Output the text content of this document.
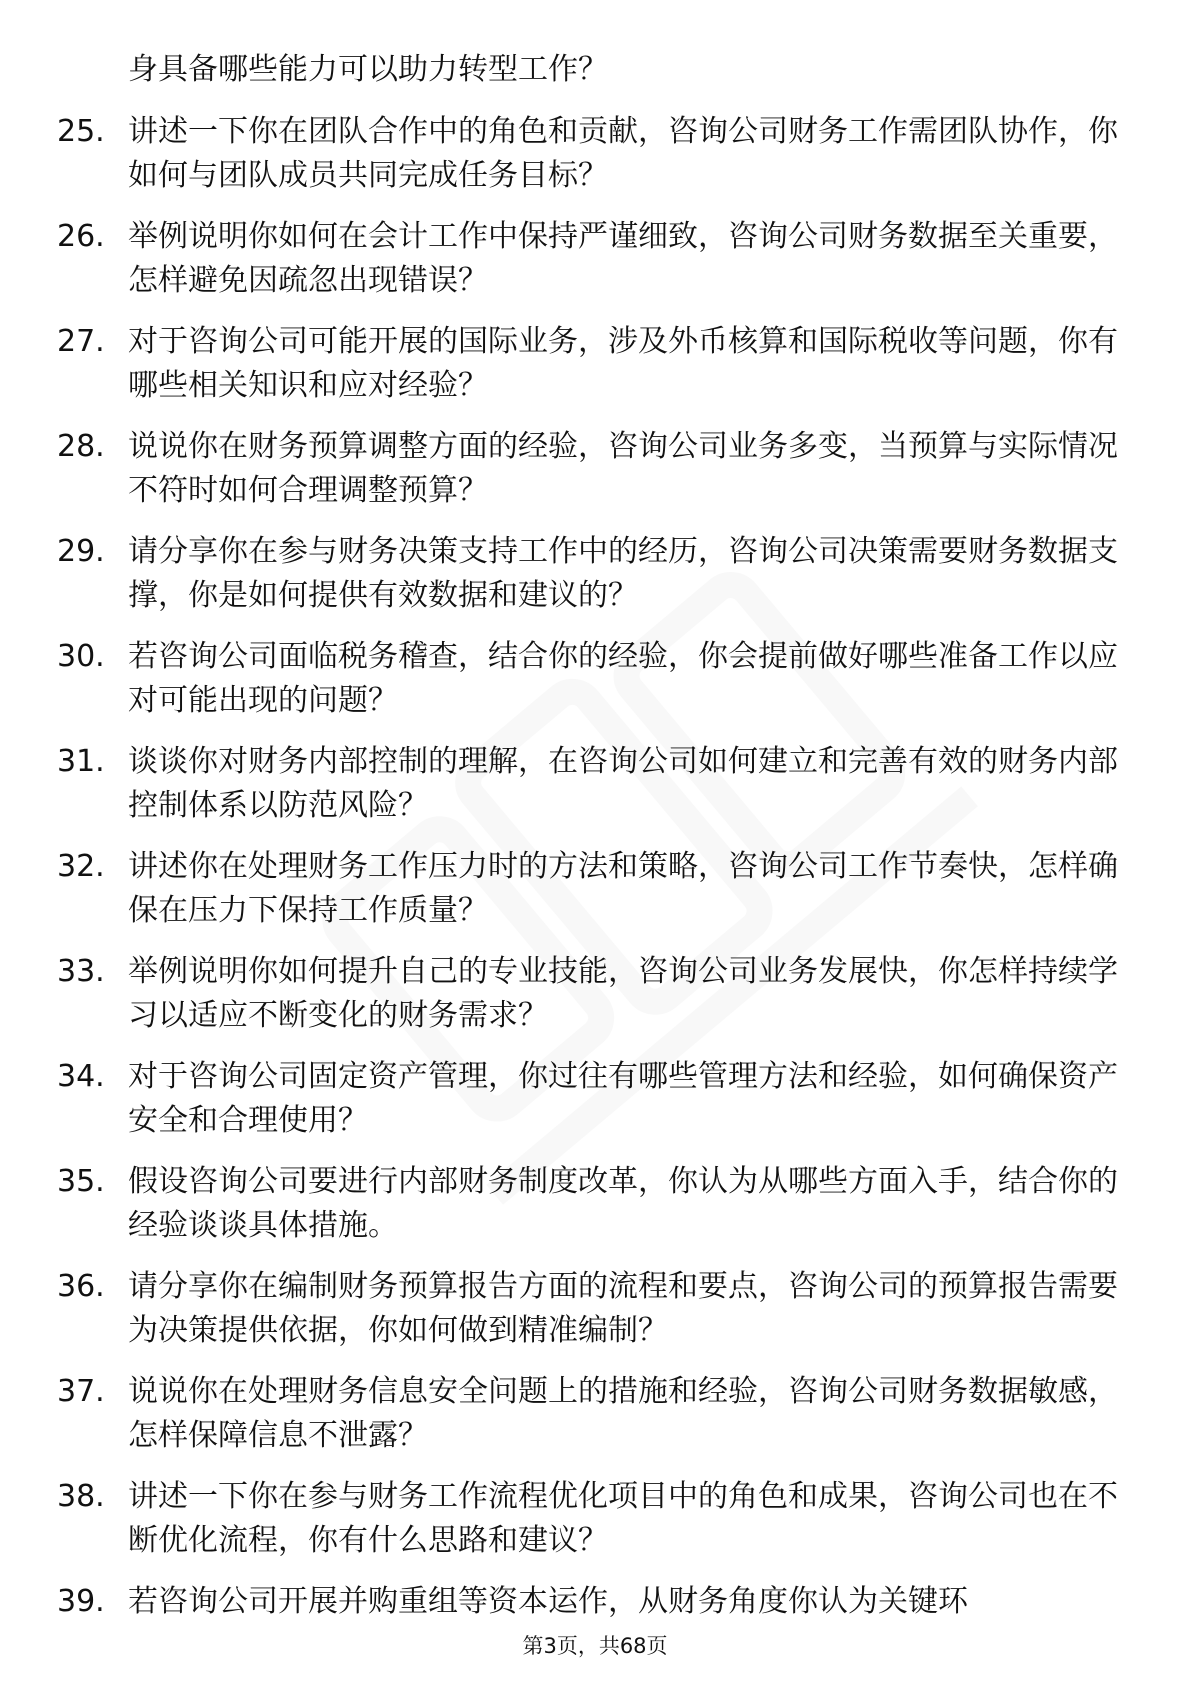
身具备哪些能力可以助力转型工作？

25. 讲述一下你在团队合作中的角色和贡献，咨询公司财务工作需团队协作，你如何与团队成员共同完成任务目标？

26. 举例说明你如何在会计工作中保持严谨细致，咨询公司财务数据至关重要，怎样避免因疏忽出现错误？

27. 对于咨询公司可能开展的国际业务，涉及外币核算和国际税收等问题，你有哪些相关知识和应对经验？

28. 说说你在财务预算调整方面的经验，咨询公司业务多变，当预算与实际情况不符时如何合理调整预算？

29. 请分享你在参与财务决策支持工作中的经历，咨询公司决策需要财务数据支撑，你是如何提供有效数据和建议的？

30. 若咨询公司面临税务稽查，结合你的经验，你会提前做好哪些准备工作以应对可能出现的问题？

31. 谈谈你对财务内部控制的理解，在咨询公司如何建立和完善有效的财务内部控制体系以防范风险？

32. 讲述你在处理财务工作压力时的方法和策略，咨询公司工作节奏快，怎样确保在压力下保持工作质量？

33. 举例说明你如何提升自己的专业技能，咨询公司业务发展快，你怎样持续学习以适应不断变化的财务需求？

34. 对于咨询公司固定资产管理，你过往有哪些管理方法和经验，如何确保资产安全和合理使用？

35. 假设咨询公司要进行内部财务制度改革，你认为从哪些方面入手，结合你的经验谈谈具体措施。

36. 请分享你在编制财务预算报告方面的流程和要点，咨询公司的预算报告需要为决策提供依据，你如何做到精准编制？

37. 说说你在处理财务信息安全问题上的措施和经验，咨询公司财务数据敏感，怎样保障信息不泄露？

38. 讲述一下你在参与财务工作流程优化项目中的角色和成果，咨询公司也在不断优化流程，你有什么思路和建议？

39. 若咨询公司开展并购重组等资本运作，从财务角度你认为关键环

第3页，共68页
